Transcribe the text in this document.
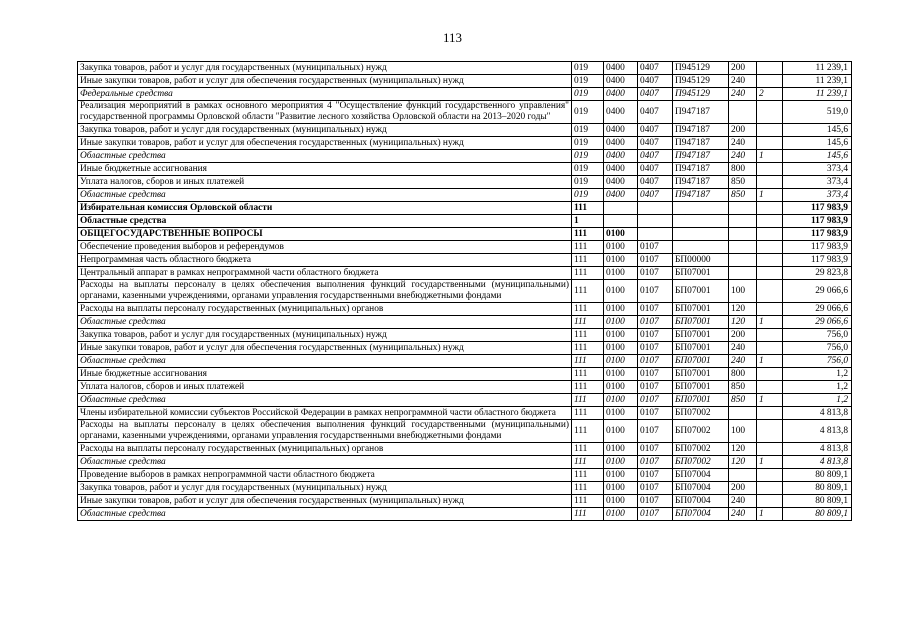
113
Закупка товаров, работ и услуг для государственных (муниципальных) нужд	019	0400	0407	П945129	200		11 239,1
Иные закупки товаров, работ и услуг для обеспечения государственных (муниципальных) нужд	019	0400	0407	П945129	240		11 239,1
Федеральные средства	019	0400	0407	П945129	240	2	11 239,1
Реализация мероприятий в рамках основного мероприятия 4 "Осуществление функций государственного управления" государственной программы Орловской области "Развитие лесного хозяйства Орловской области на 2013–2020 годы"	019	0400	0407	П947187			519,0
Закупка товаров, работ и услуг для государственных (муниципальных) нужд	019	0400	0407	П947187	200		145,6
Иные закупки товаров, работ и услуг для обеспечения государственных (муниципальных) нужд	019	0400	0407	П947187	240		145,6
Областные средства	019	0400	0407	П947187	240	1	145,6
Иные бюджетные ассигнования	019	0400	0407	П947187	800		373,4
Уплата налогов, сборов и иных платежей	019	0400	0407	П947187	850		373,4
Областные средства	019	0400	0407	П947187	850	1	373,4
Избирательная комиссия Орловской области	111						117 983,9
Областные средства	1						117 983,9
ОБЩЕГОСУДАРСТВЕННЫЕ ВОПРОСЫ	111	0100					117 983,9
Обеспечение проведения выборов и референдумов	111	0100	0107				117 983,9
Непрограммная часть областного бюджета	111	0100	0107	БП00000			117 983,9
Центральный аппарат в рамках непрограммной части областного бюджета	111	0100	0107	БП07001			29 823,8
Расходы на выплаты персоналу в целях обеспечения выполнения функций государственными (муниципальными) органами, казенными учреждениями, органами управления государственными внебюджетными фондами	111	0100	0107	БП07001	100		29 066,6
Расходы на выплаты персоналу государственных (муниципальных) органов	111	0100	0107	БП07001	120		29 066,6
Областные средства	111	0100	0107	БП07001	120	1	29 066,6
Закупка товаров, работ и услуг для государственных (муниципальных) нужд	111	0100	0107	БП07001	200		756,0
Иные закупки товаров, работ и услуг для обеспечения государственных (муниципальных) нужд	111	0100	0107	БП07001	240		756,0
Областные средства	111	0100	0107	БП07001	240	1	756,0
Иные бюджетные ассигнования	111	0100	0107	БП07001	800		1,2
Уплата налогов, сборов и иных платежей	111	0100	0107	БП07001	850		1,2
Областные средства	111	0100	0107	БП07001	850	1	1,2
Члены избирательной комиссии субъектов Российской Федерации в рамках непрограммной части областного бюджета	111	0100	0107	БП07002			4 813,8
Расходы на выплаты персоналу в целях обеспечения выполнения функций государственными (муниципальными) органами, казенными учреждениями, органами управления государственными внебюджетными фондами	111	0100	0107	БП07002	100		4 813,8
Расходы на выплаты персоналу государственных (муниципальных) органов	111	0100	0107	БП07002	120		4 813,8
Областные средства	111	0100	0107	БП07002	120	1	4 813,8
Проведение выборов в рамках непрограммной части областного бюджета	111	0100	0107	БП07004			80 809,1
Закупка товаров, работ и услуг для государственных (муниципальных) нужд	111	0100	0107	БП07004	200		80 809,1
Иные закупки товаров, работ и услуг для обеспечения государственных (муниципальных) нужд	111	0100	0107	БП07004	240		80 809,1
Областные средства	111	0100	0107	БП07004	240	1	80 809,1
